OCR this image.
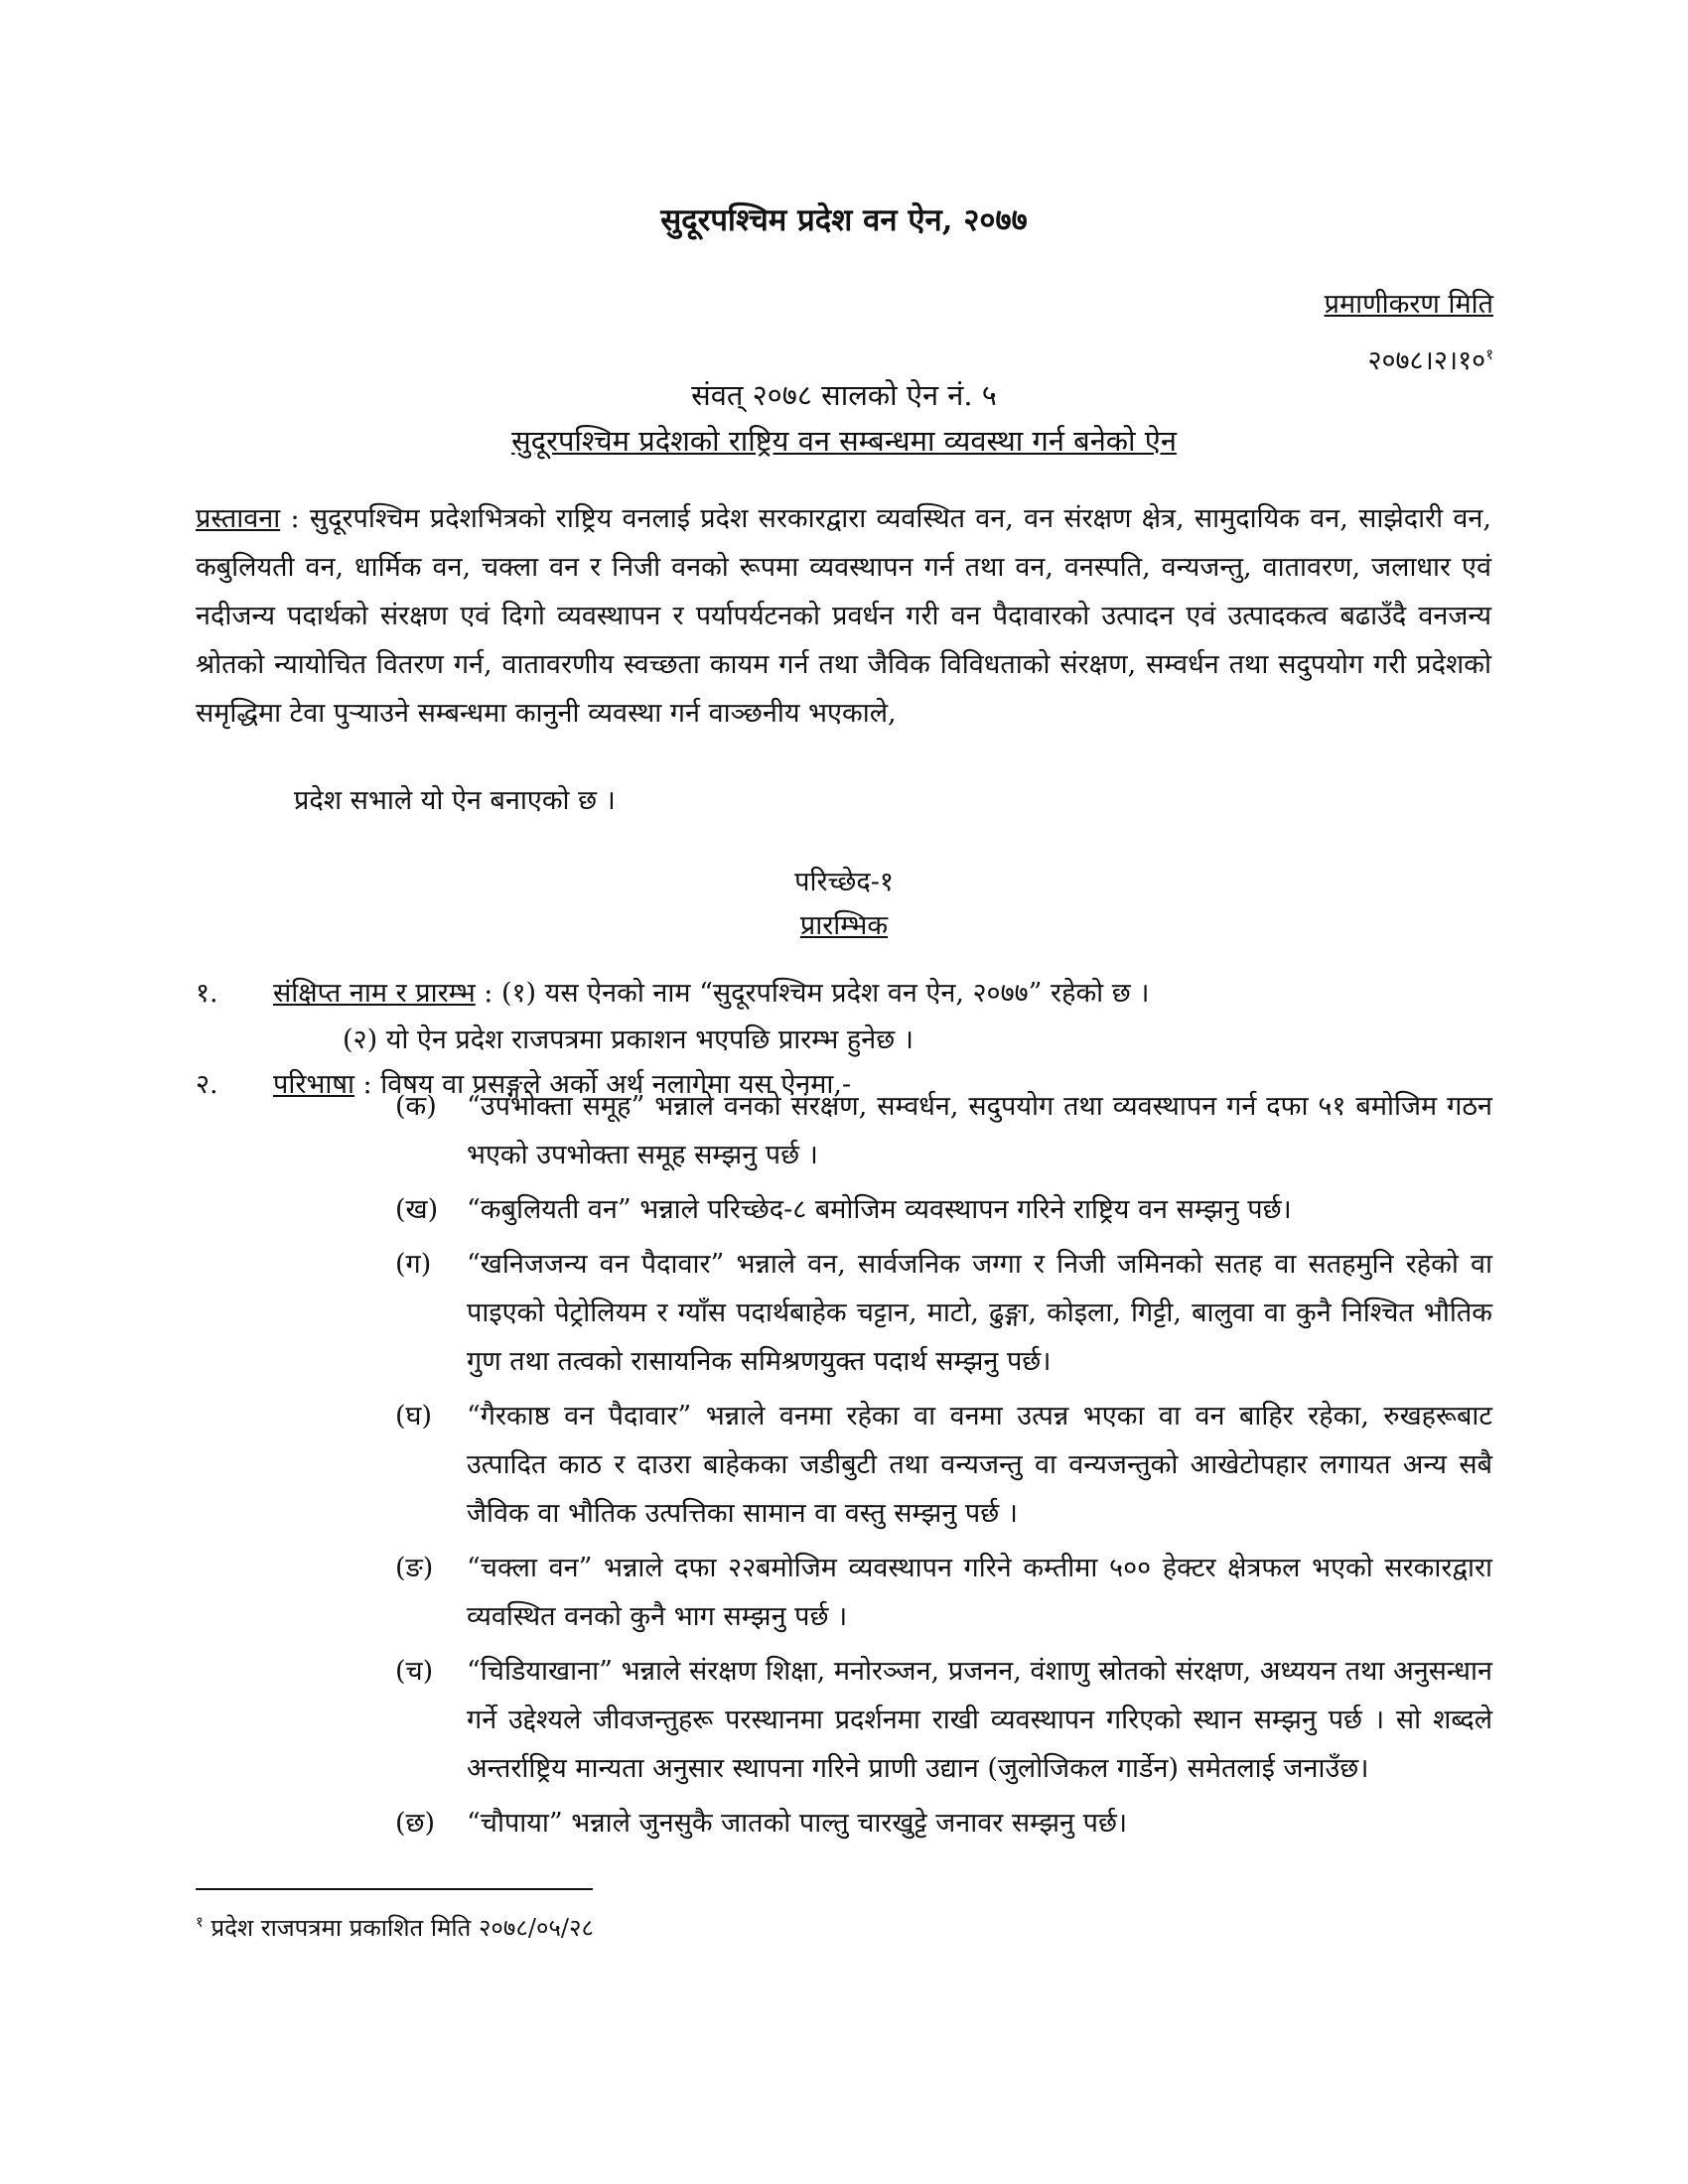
सुदूरपश्चिम प्रदेश वन ऐन, २०७७
प्रमाणीकरण मिति
$२०७८।२।१०^१$
संवत् २०७८ सालको ऐन नं. ५
सुदूरपश्चिम प्रदेशको राष्ट्रिय वन सम्बन्धमा व्यवस्था गर्न बनेको ऐन
प्रस्तावना : सुदूरपश्चिम प्रदेशभित्रको राष्ट्रिय वनलाई प्रदेश सरकारद्वारा व्यवस्थित वन, वन संरक्षण क्षेत्र, सामुदायिक वन, साझेदारी वन, कबुलियती वन, धार्मिक वन, चक्ला वन र निजी वनको रूपमा व्यवस्थापन गर्न तथा वन, वनस्पति, वन्यजन्तु, वातावरण, जलाधार एवं नदीजन्य पदार्थको संरक्षण एवं दिगो व्यवस्थापन र पर्यापर्यटनको प्रवर्धन गरी वन पैदावारको उत्पादन एवं उत्पादकत्व बढाउँदै वनजन्य श्रोतको न्यायोचित वितरण गर्न, वातावरणीय स्वच्छता कायम गर्न तथा जैविक विविधताको संरक्षण, सम्वर्धन तथा सदुपयोग गरी प्रदेशको समृद्धिमा टेवा पुर्‍याउने सम्बन्धमा कानुनी व्यवस्था गर्न वाञ्छनीय भएकाले,
प्रदेश सभाले यो ऐन बनाएको छ ।
परिच्छेद-१
प्रारम्भिक
१. संक्षिप्त नाम र प्रारम्भ : (१) यस ऐनको नाम “सुदूरपश्चिम प्रदेश वन ऐन, २०७७” रहेको छ ।
(२) यो ऐन प्रदेश राजपत्रमा प्रकाशन भएपछि प्रारम्भ हुनेछ ।
२. परिभाषा : विषय वा प्रसङ्गले अर्को अर्थ नलागेमा यस ऐनमा,-
(क)	“उपभोक्ता समूह” भन्नाले वनको संरक्षण, सम्वर्धन, सदुपयोग तथा व्यवस्थापन गर्न दफा ५१ बमोजिम गठन भएको उपभोक्ता समूह सम्झनु पर्छ ।
(ख)	“कबुलियती वन” भन्नाले परिच्छेद-८ बमोजिम व्यवस्थापन गरिने राष्ट्रिय वन सम्झनु पर्छ।
(ग)	“खनिजजन्य वन पैदावार” भन्नाले वन, सार्वजनिक जग्गा र निजी जमिनको सतह वा सतहमुनि रहेको वा पाइएको पेट्रोलियम र ग्याँस पदार्थबाहेक चट्टान, माटो, ढुङ्गा, कोइला, गिट्टी, बालुवा वा कुनै निश्चित भौतिक गुण तथा तत्वको रासायनिक समिश्रणयुक्त पदार्थ सम्झनु पर्छ।
(घ)	“गैरकाष्ठ वन पैदावार” भन्नाले वनमा रहेका वा वनमा उत्पन्न भएका वा वन बाहिर रहेका, रुखहरूबाट उत्पादित काठ र दाउरा बाहेकका जडीबुटी तथा वन्यजन्तु वा वन्यजन्तुको आखेटोपहार लगायत अन्य सबै जैविक वा भौतिक उत्पत्तिका सामान वा वस्तु सम्झनु पर्छ ।
(ङ)	“चक्ला वन” भन्नाले दफा २२बमोजिम व्यवस्थापन गरिने कम्तीमा ५०० हेक्टर क्षेत्रफल भएको सरकारद्वारा व्यवस्थित वनको कुनै भाग सम्झनु पर्छ ।
(च)	“चिडियाखाना” भन्नाले संरक्षण शिक्षा, मनोरञ्जन, प्रजनन, वंशाणु स्रोतको संरक्षण, अध्ययन तथा अनुसन्धान गर्ने उद्देश्यले जीवजन्तुहरू परस्थानमा प्रदर्शनमा राखी व्यवस्थापन गरिएको स्थान सम्झनु पर्छ । सो शब्दले अन्तर्राष्ट्रिय मान्यता अनुसार स्थापना गरिने प्राणी उद्यान (जुलोजिकल गार्डेन) समेतलाई जनाउँछ।
(छ)	“चौपाया” भन्नाले जुनसुकै जातको पाल्तु चारखुट्टे जनावर सम्झनु पर्छ।
$^१$ प्रदेश राजपत्रमा प्रकाशित मिति २०७८/०५/२८
